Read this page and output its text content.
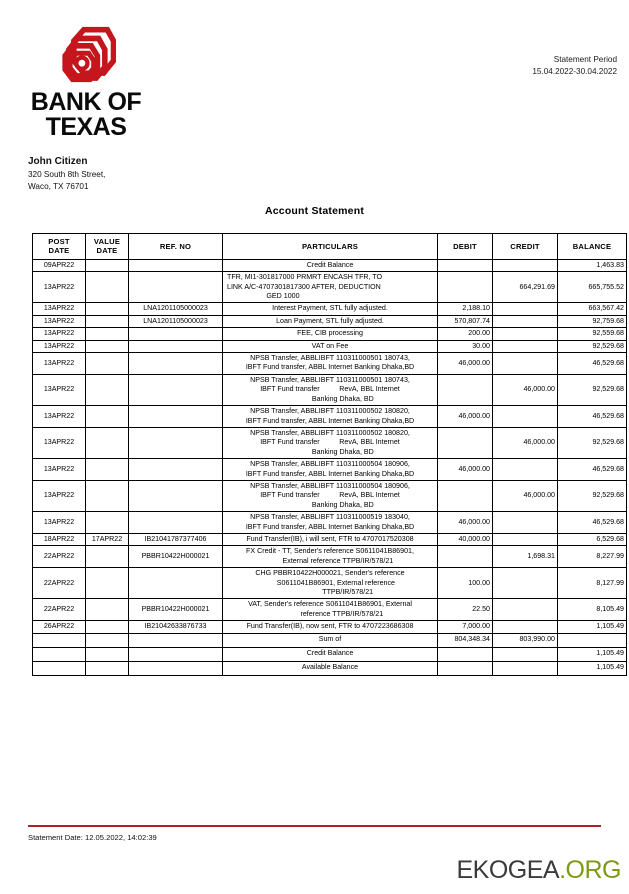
BANK OF
TEXAS
Statement Period
15.04.2022-30.04.2022
John Citizen
320 South 8th Street,
Waco, TX 76701
Account Statement
POST
DATE	VALUE
DATE	REF. NO	PARTICULARS	DEBIT	CREDIT	BALANCE
09APR22			Credit Balance			1,463.83
13APR22			TFR, MI1-301817000 PRMRT ENCASH TFR, TO
LINK A/C-4707301817300 AFTER, DEDUCTION
GED 1000		664,291.69	665,755.52
13APR22		LNA1201105000023	Interest Payment, STL fully adjusted.	2,188.10		663,567.42
13APR22		LNA1201105000023	Loan Payment, STL fully adjusted.	570,807.74		92,759.68
13APR22			FEE, CIB processing	200.00		92,559.68
13APR22			VAT on Fee	30.00		92,529.68
13APR22			NPSB Transfer, ABBLIBFT 110311000501 180743,
IBFT Fund transfer, ABBL Internet Banking Dhaka,BD	46,000.00		46,529.68
13APR22			NPSB Transfer, ABBLIBFT 110311000501 180743,
IBFT Fund transfer          RevA, BBL Internet
Banking Dhaka, BD		46,000.00	92,529.68
13APR22			NPSB Transfer, ABBLIBFT 110311000502 180820,
IBFT Fund transfer, ABBL Internet Banking Dhaka,BD	46,000.00		46,529.68
13APR22			NPSB Transfer, ABBLIBFT 110311000502 180820,
IBFT Fund transfer          RevA, BBL Internet
Banking Dhaka, BD		46,000.00	92,529.68
13APR22			NPSB Transfer, ABBLIBFT 110311000504 180906,
IBFT Fund transfer, ABBL Internet Banking Dhaka,BD	46,000.00		46,529.68
13APR22			NPSB Transfer, ABBLIBFT 110311000504 180906,
IBFT Fund transfer          RevA, BBL Internet
Banking Dhaka, BD		46,000.00	92,529.68
13APR22			NPSB Transfer, ABBLIBFT 110311000519 183040,
IBFT Fund transfer, ABBL Internet Banking Dhaka,BD	46,000.00		46,529.68
18APR22	17APR22	IB21041787377406	Fund Transfer(IB), i will sent, FTR to 4707017520308	40,000.00		6,529.68
22APR22		PBBR10422H000021	FX Credit - TT, Sender's reference S0611041B86901,
External reference TTPB/IR/578/21		1,698.31	8,227.99
22APR22			CHG PBBR10422H000021, Sender's reference
S0611041B86901, External reference
TTPB/IR/578/21	100.00		8,127.99
22APR22		PBBR10422H000021	VAT, Sender's reference S0611041B86901, External
reference TTPB/IR/578/21	22.50		8,105.49
26APR22		IB21042633876733	Fund Transfer(IB), now sent, FTR to 4707223686308	7,000.00		1,105.49
			Sum of	804,348.34	803,990.00	
			Credit Balance			1,105.49
			Available Balance			1,105.49
Statement Date: 12.05.2022, 14:02:39
EKOGEA.ORG
